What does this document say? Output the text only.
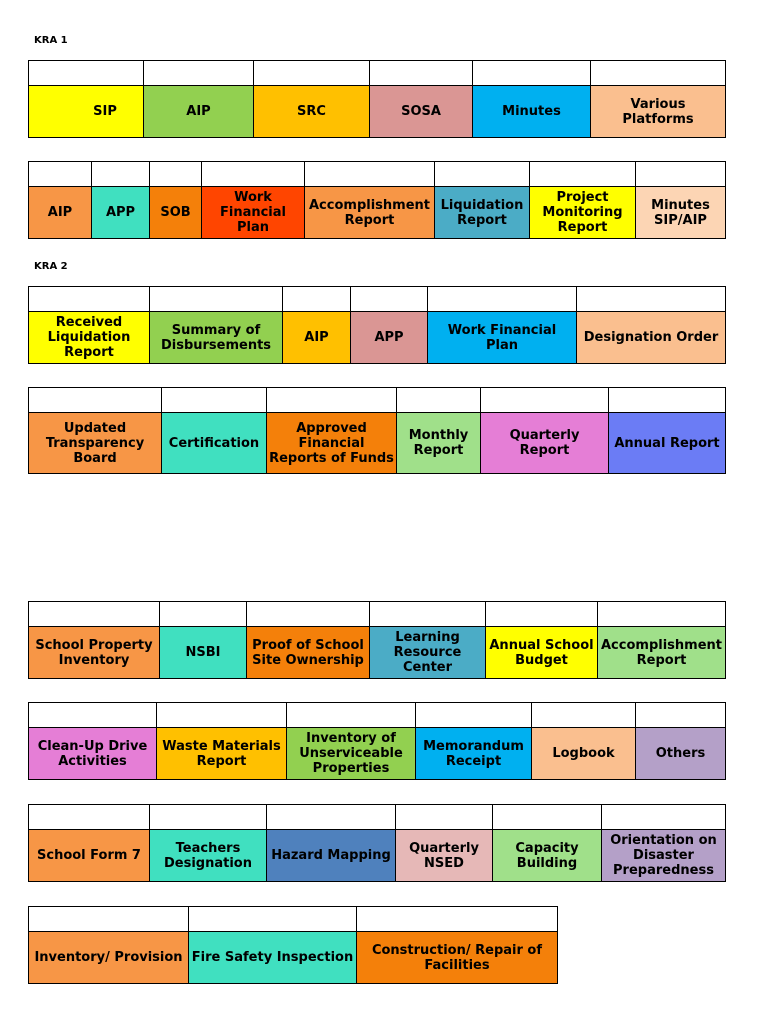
KRA 1
KRA 2

SIP	AIP	SRC	SOSA	Minutes	Various Platforms

AIP	APP	SOB	Work Financial Plan	Accomplishment Report	Liquidation Report	Project Monitoring Report	Minutes SIP/AIP

Received Liquidation Report	Summary of Disbursements	AIP	APP	Work Financial Plan	Designation Order

Updated Transparency Board	Certification	Approved Financial Reports of Funds	Monthly Report	Quarterly Report	Annual Report

School Property Inventory	NSBI	Proof of School Site Ownership	Learning Resource Center	Annual School Budget	Accomplishment Report

Clean-Up Drive Activities	Waste Materials Report	Inventory of Unserviceable Properties	Memorandum Receipt	Logbook	Others

School Form 7	Teachers Designation	Hazard Mapping	Quarterly NSED	Capacity Building	Orientation on Disaster Preparedness

Inventory/ Provision	Fire Safety Inspection	Construction/ Repair of Facilities
